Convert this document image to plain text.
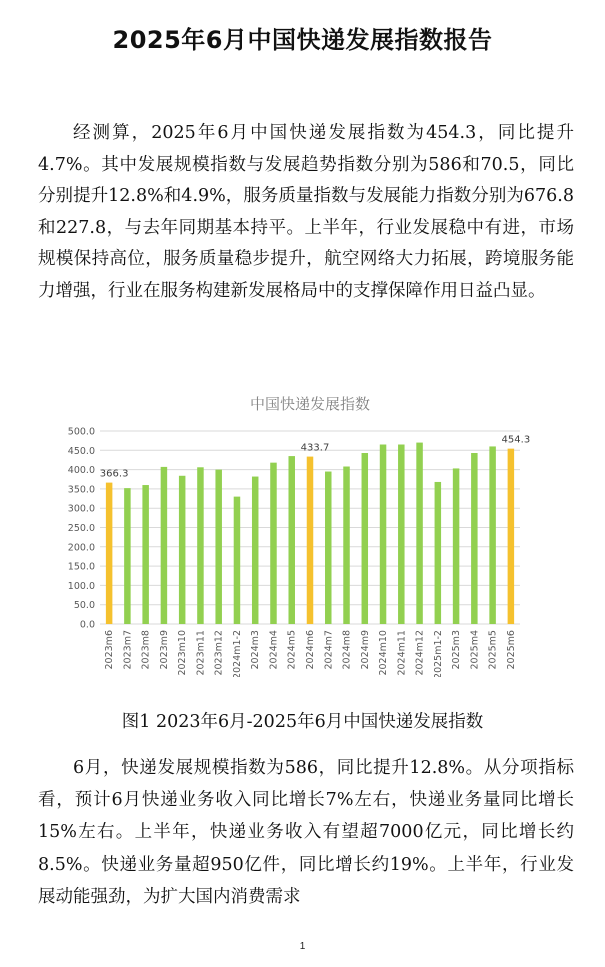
2025年6月中国快递发展指数报告

经测算，2025年6月中国快递发展指数为454.3，同比提升4.7%。其中发展规模指数与发展趋势指数分别为586和70.5，同比分别提升12.8%和4.9%，服务质量指数与发展能力指数分别为676.8和227.8，与去年同期基本持平。上半年，行业发展稳中有进，市场规模保持高位，服务质量稳步提升，航空网络大力拓展，跨境服务能力增强，行业在服务构建新发展格局中的支撑保障作用日益凸显。

中国快递发展指数
0.0
50.0
100.0
150.0
200.0
250.0
300.0
350.0
400.0
450.0
500.0
2023m6 2023m7 2023m8 2023m9 2023m10 2023m11 2023m12 2024m1-2 2024m3 2024m4 2024m5 2024m6 2024m7 2024m8 2024m9 2024m10 2024m11 2024m12 2025m1-2 2025m3 2025m4 2025m5 2025m6
366.3
433.7
454.3

图1 2023年6月-2025年6月中国快递发展指数

6月，快递发展规模指数为586，同比提升12.8%。从分项指标看，预计6月快递业务收入同比增长7%左右，快递业务量同比增长15%左右。上半年，快递业务收入有望超7000亿元，同比增长约8.5%。快递业务量超950亿件，同比增长约19%。上半年，行业发展动能强劲，为扩大国内消费需求

1
